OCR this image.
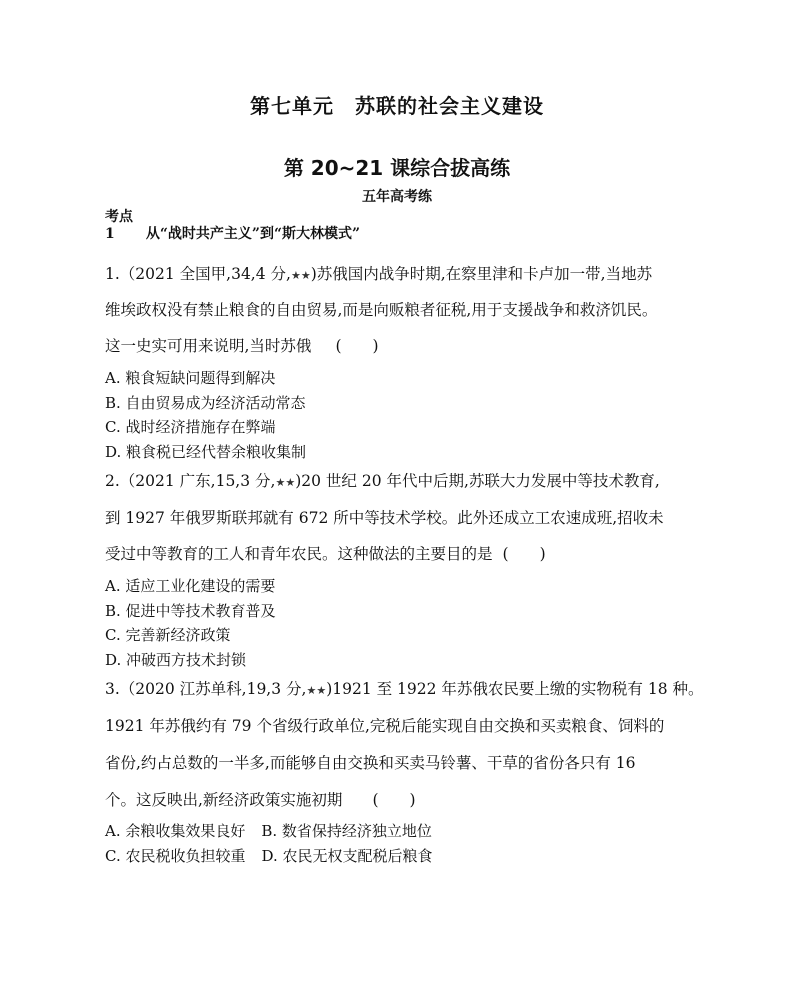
第七单元　苏联的社会主义建设
第 20~21 课综合拔高练
五年高考练
考点 1 从“战时共产主义”到“斯大林模式”
1.（2021 全国甲,34,4 分,★★)苏俄国内战争时期,在察里津和卡卢加一带,当地苏
维埃政权没有禁止粮食的自由贸易,而是向贩粮者征税,用于支援战争和救济饥民。
这一史实可用来说明,当时苏俄 (　　)
A. 粮食短缺问题得到解决
B. 自由贸易成为经济活动常态
C. 战时经济措施存在弊端
D. 粮食税已经代替余粮收集制
2.（2021 广东,15,3 分,★★)20 世纪 20 年代中后期,苏联大力发展中等技术教育,
到 1927 年俄罗斯联邦就有 672 所中等技术学校。此外还成立工农速成班,招收未
受过中等教育的工人和青年农民。这种做法的主要目的是 (　　)
A. 适应工业化建设的需要
B. 促进中等技术教育普及
C. 完善新经济政策
D. 冲破西方技术封锁
3.（2020 江苏单科,19,3 分,★★)1921 至 1922 年苏俄农民要上缴的实物税有 18 种。
1921 年苏俄约有 79 个省级行政单位,完税后能实现自由交换和买卖粮食、饲料的
省份,约占总数的一半多,而能够自由交换和买卖马铃薯、干草的省份各只有 16
个。这反映出,新经济政策实施初期 (　　)
A. 余粮收集效果良好 B. 数省保持经济独立地位
C. 农民税收负担较重 D. 农民无权支配税后粮食
